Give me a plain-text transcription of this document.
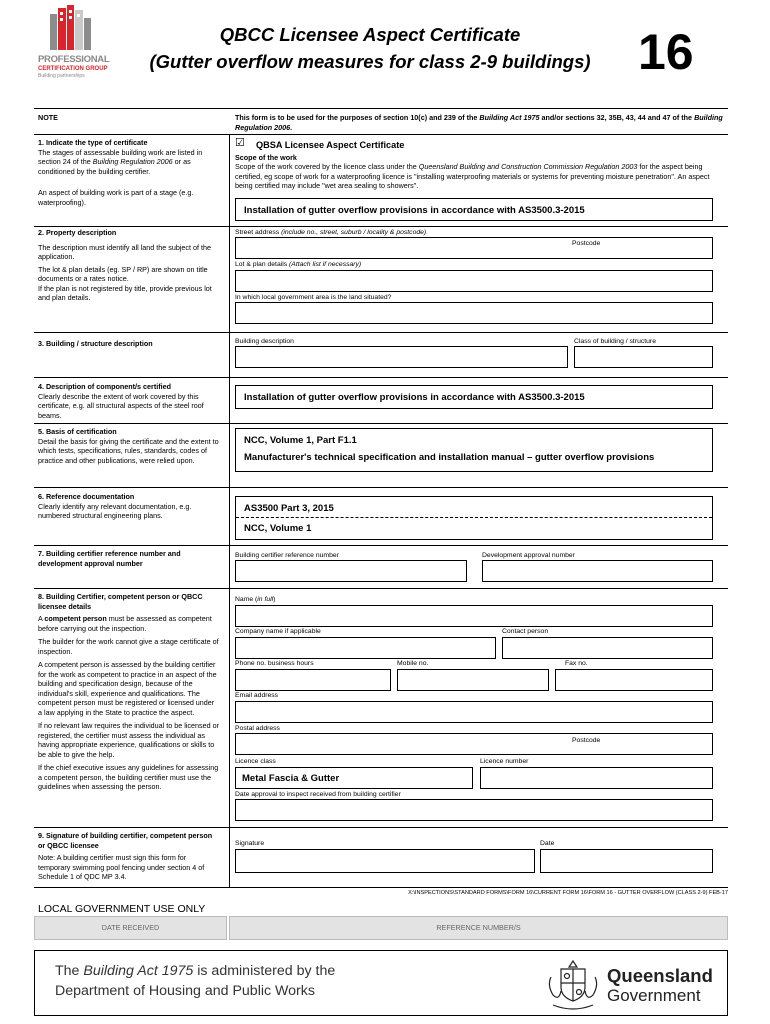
PROFESSIONAL
CERTIFICATION GROUP
Building partnerships
QBCC Licensee Aspect Certificate
(Gutter overflow measures for class 2-9 buildings) 16
NOTE	This form is to be used for the purposes of section 10(c) and 239 of the Building Act 1975 and/or sections 32, 35B, 43, 44 and 47 of the Building Regulation 2006.
1. Indicate the type of certificate
The stages of assessable building work are listed in section 24 of the Building Regulation 2006 or as conditioned by the building certifier.
An aspect of building work is part of a stage (e.g. waterproofing).
☑ QBSA Licensee Aspect Certificate
Scope of the work
Scope of the work covered by the licence class under the Queensland Building and Construction Commission Regulation 2003 for the aspect being certified, eg scope of work for a waterproofing licence is "installing waterproofing materials or systems for preventing moisture penetration". An aspect being certified may include "wet area sealing to showers".
Installation of gutter overflow provisions in accordance with AS3500.3-2015
2. Property description
The description must identify all land the subject of the application.
The lot & plan details (eg. SP / RP) are shown on title documents or a rates notice.
If the plan is not registered by title, provide previous lot and plan details.
Street address (include no., street, suburb / locality & postcode)
Postcode
Lot & plan details (Attach list if necessary)
In which local government area is the land situated?
3. Building / structure description	Building description	Class of building / structure
4. Description of component/s certified
Clearly describe the extent of work covered by this certificate, e.g. all structural aspects of the steel roof beams.
Installation of gutter overflow provisions in accordance with AS3500.3-2015
5. Basis of certification
Detail the basis for giving the certificate and the extent to which tests, specifications, rules, standards, codes of practice and other publications, were relied upon.
NCC, Volume 1, Part F1.1
Manufacturer's technical specification and installation manual – gutter overflow provisions
6. Reference documentation
Clearly identify any relevant documentation, e.g. numbered structural engineering plans.
AS3500 Part 3, 2015
NCC, Volume 1
7. Building certifier reference number and development approval number
Building certifier reference number	Development approval number
8. Building Certifier, competent person or QBCC licensee details

A competent person must be assessed as competent before carrying out the inspection.

The builder for the work cannot give a stage certificate of inspection.

A competent person is assessed by the building certifier for the work as competent to practice in an aspect of the building and specification design, because of the individual's skill, experience and qualifications. The competent person must be registered or licensed under a law applying in the State to practice the aspect.

If no relevant law requires the individual to be licensed or registered, the certifier must assess the individual as having appropriate experience, qualifications or skills to be able to give the help.

If the chief executive issues any guidelines for assessing a competent person, the building certifier must use the guidelines when assessing the person.

Name (in full)
Company name if applicable	Contact person
Phone no. business hours	Mobile no.	Fax no.
Email address
Postal address
Postcode
Licence class	Licence number
Metal Fascia & Gutter
Date approval to inspect received from building certifier
9. Signature of building certifier, competent person or QBCC licensee
Note: A building certifier must sign this form for temporary swimming pool fencing under section 4 of Schedule 1 of QDC MP 3.4.
Signature	Date
X:\INSPECTIONS\STANDARD FORMS\FORM 16\CURRENT FORM 16\FORM 16 - GUTTER OVERFLOW (CLASS 2-9) FEB-17
LOCAL GOVERNMENT USE ONLY
DATE RECEIVED	REFERENCE NUMBER/S
The Building Act 1975 is administered by the
Department of Housing and Public Works
Queensland
Government
